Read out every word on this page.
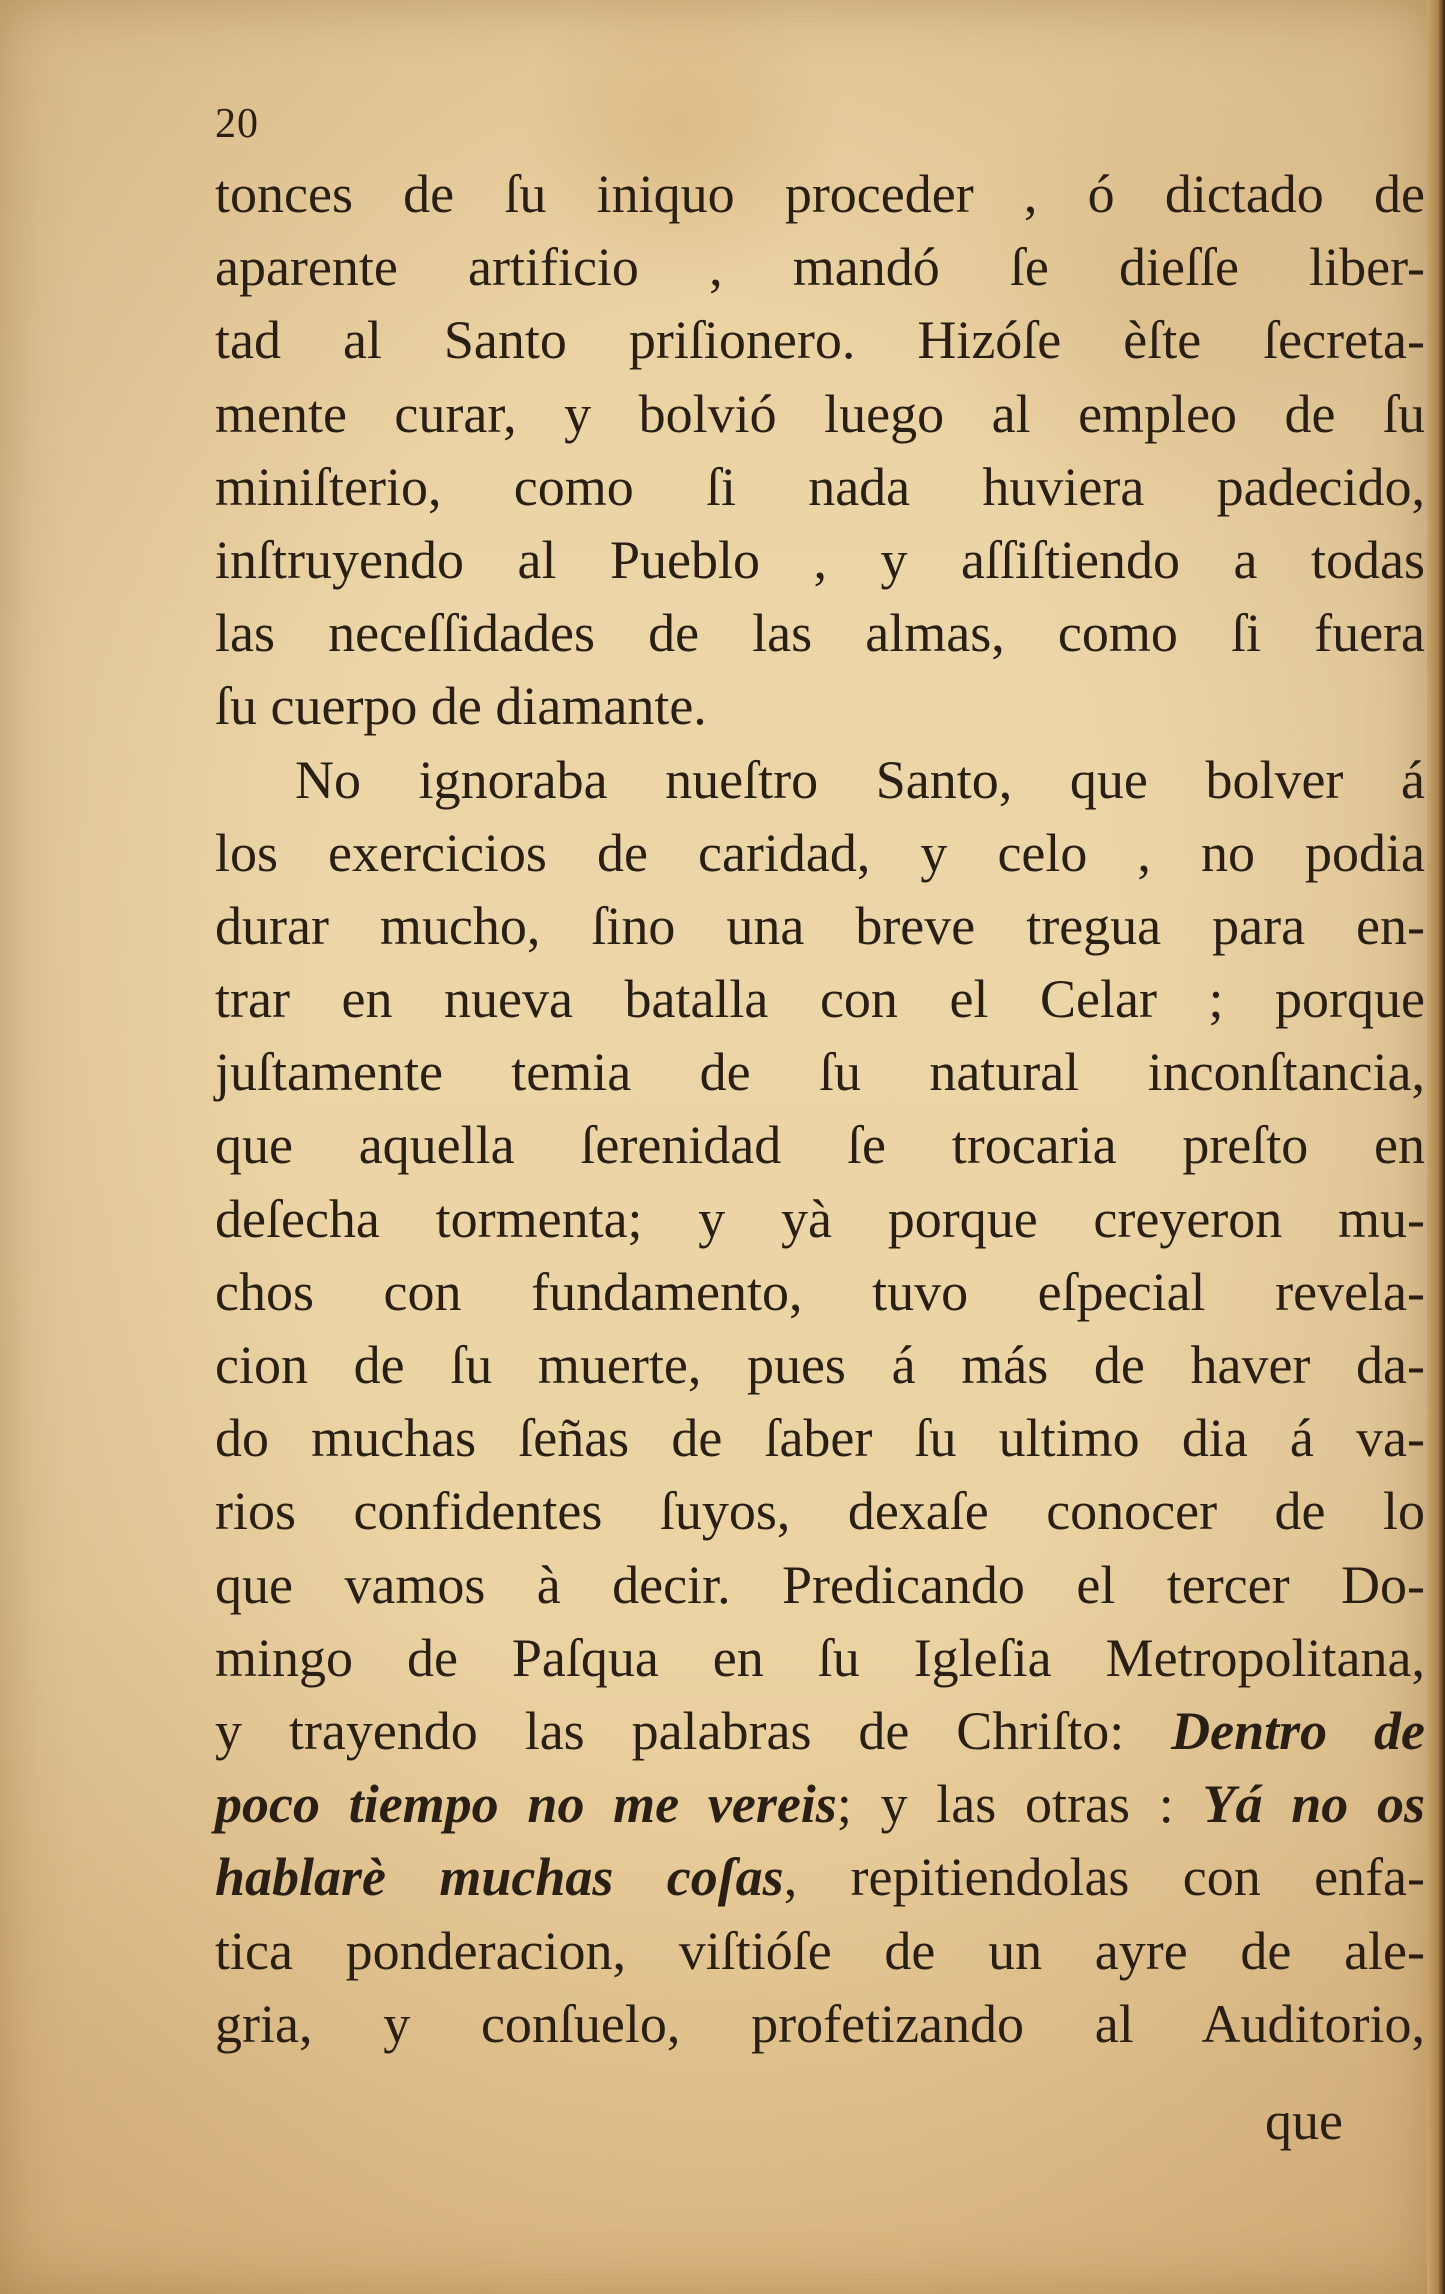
20
tonces de ſu iniquo proceder , ó dictado de
aparente artificio , mandó ſe dieſſe liber-
tad al Santo priſionero. Hizóſe èſte ſecreta-
mente curar, y bolvió luego al empleo de ſu
miniſterio, como ſi nada huviera padecido,
inſtruyendo al Pueblo , y aſſiſtiendo a todas
las neceſſidades de las almas, como ſi fuera
ſu cuerpo de diamante.
No ignoraba nueſtro Santo, que bolver á
los exercicios de caridad, y celo , no podia
durar mucho, ſino una breve tregua para en-
trar en nueva batalla con el Celar ; porque
juſtamente temia de ſu natural inconſtancia,
que aquella ſerenidad ſe trocaria preſto en
deſecha tormenta; y yà porque creyeron mu-
chos con fundamento, tuvo eſpecial revela-
cion de ſu muerte, pues á más de haver da-
do muchas ſeñas de ſaber ſu ultimo dia á va-
rios confidentes ſuyos, dexaſe conocer de lo
que vamos à decir. Predicando el tercer Do-
mingo de Paſqua en ſu Igleſia Metropolitana,
y trayendo las palabras de Chriſto: Dentro de
poco tiempo no me vereis; y las otras : Yá no os
hablarè muchas coſas, repitiendolas con enfa-
tica ponderacion, viſtióſe de un ayre de ale-
gria, y conſuelo, profetizando al Auditorio,
que
